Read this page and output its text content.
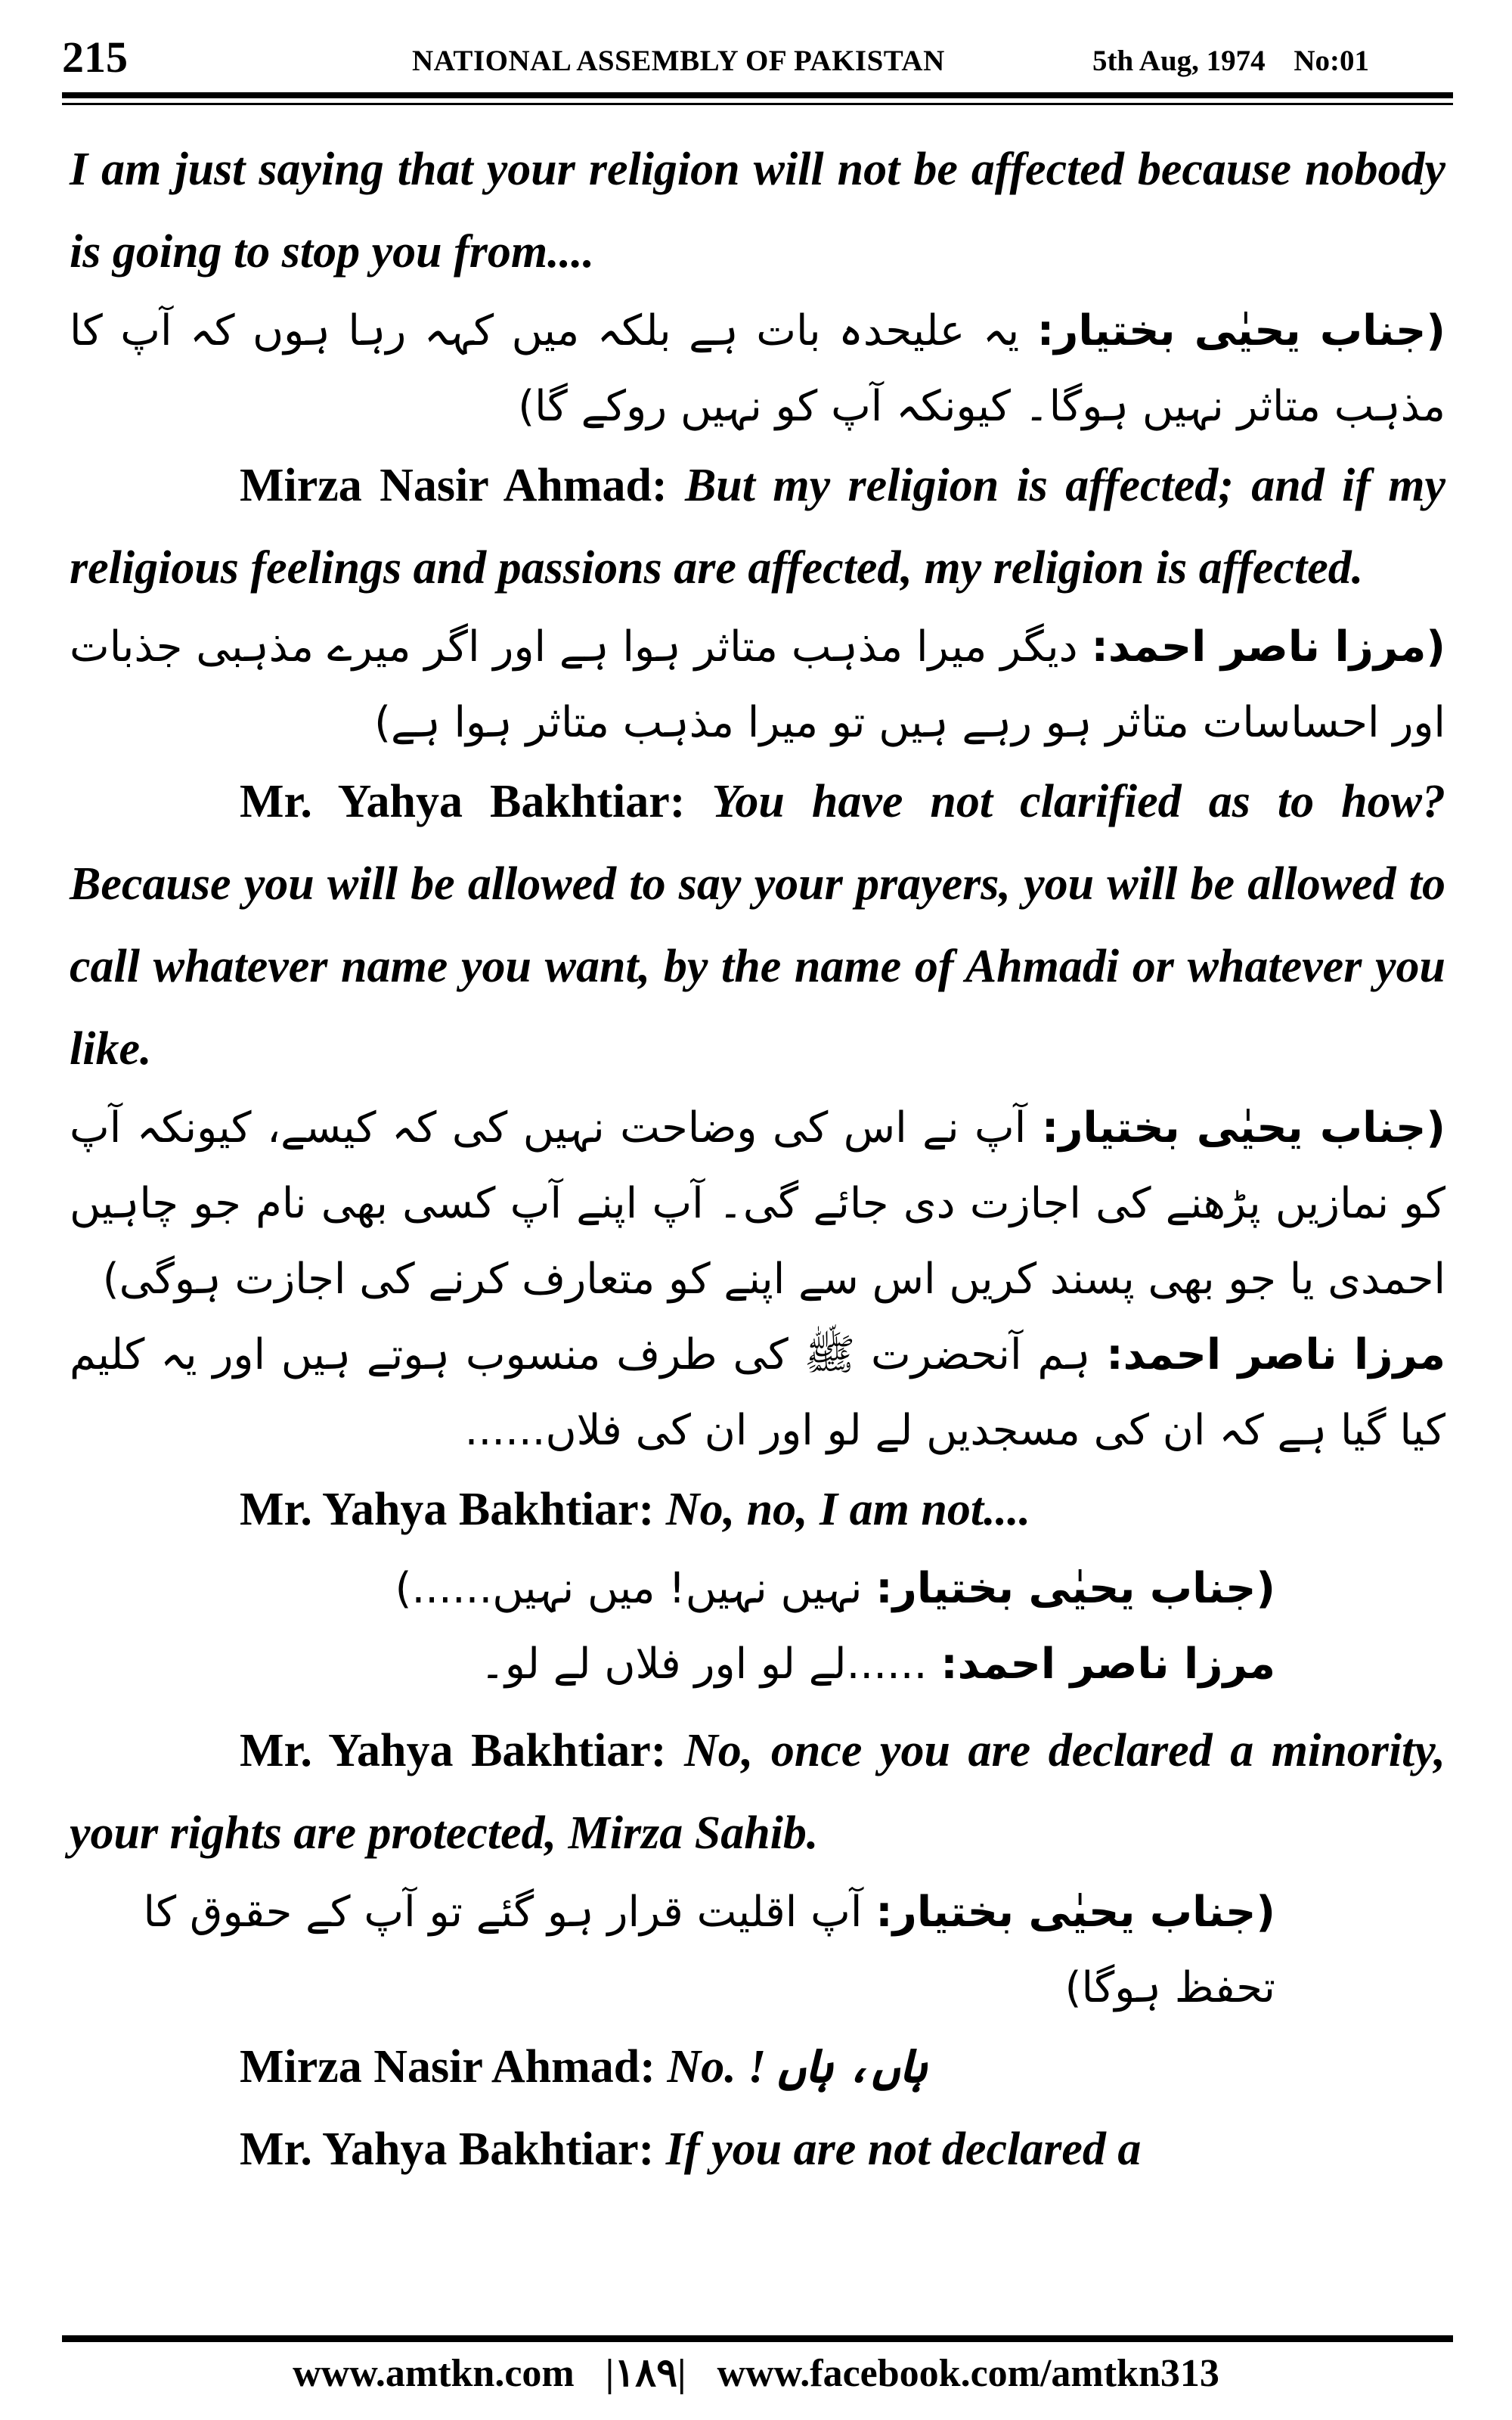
215	NATIONAL ASSEMBLY OF PAKISTAN	5th Aug, 1974 No:01

I am just saying that your religion will not be affected because nobody is going to stop you from....

(جناب یحیٰی بختیار: یہ علیحدہ بات ہے بلکہ میں کہہ رہا ہوں کہ آپ کا مذہب متاثر نہیں ہوگا۔ کیونکہ آپ کو نہیں روکے گا)

Mirza Nasir Ahmad: But my religion is affected; and if my religious feelings and passions are affected, my religion is affected.

(مرزا ناصر احمد: دیگر میرا مذہب متاثر ہوا ہے اور اگر میرے مذہبی جذبات اور احساسات متاثر ہو رہے ہیں تو میرا مذہب متاثر ہوا ہے)

Mr. Yahya Bakhtiar: You have not clarified as to how? Because you will be allowed to say your prayers, you will be allowed to call whatever name you want, by the name of Ahmadi or whatever you like.

(جناب یحیٰی بختیار: آپ نے اس کی وضاحت نہیں کی کہ کیسے، کیونکہ آپ کو نمازیں پڑھنے کی اجازت دی جائے گی۔ آپ اپنے آپ کسی بھی نام جو چاہیں احمدی یا جو بھی پسند کریں اس سے اپنے کو متعارف کرنے کی اجازت ہوگی)

مرزا ناصر احمد: ہم آنحضرت ﷺ کی طرف منسوب ہوتے ہیں اور یہ کلیم کیا گیا ہے کہ ان کی مسجدیں لے لو اور ان کی فلاں......

Mr. Yahya Bakhtiar: No, no, I am not....

(جناب یحیٰی بختیار: نہیں نہیں! میں نہیں......)

مرزا ناصر احمد: ......لے لو اور فلاں لے لو۔

Mr. Yahya Bakhtiar: No, once you are declared a minority, your rights are protected, Mirza Sahib.

(جناب یحیٰی بختیار: آپ اقلیت قرار ہو گئے تو آپ کے حقوق کا تحفظ ہوگا)

Mirza Nasir Ahmad: No. ! ہاں، ہاں

Mr. Yahya Bakhtiar: If you are not declared a

www.amtkn.com |۱۸۹| www.facebook.com/amtkn313
